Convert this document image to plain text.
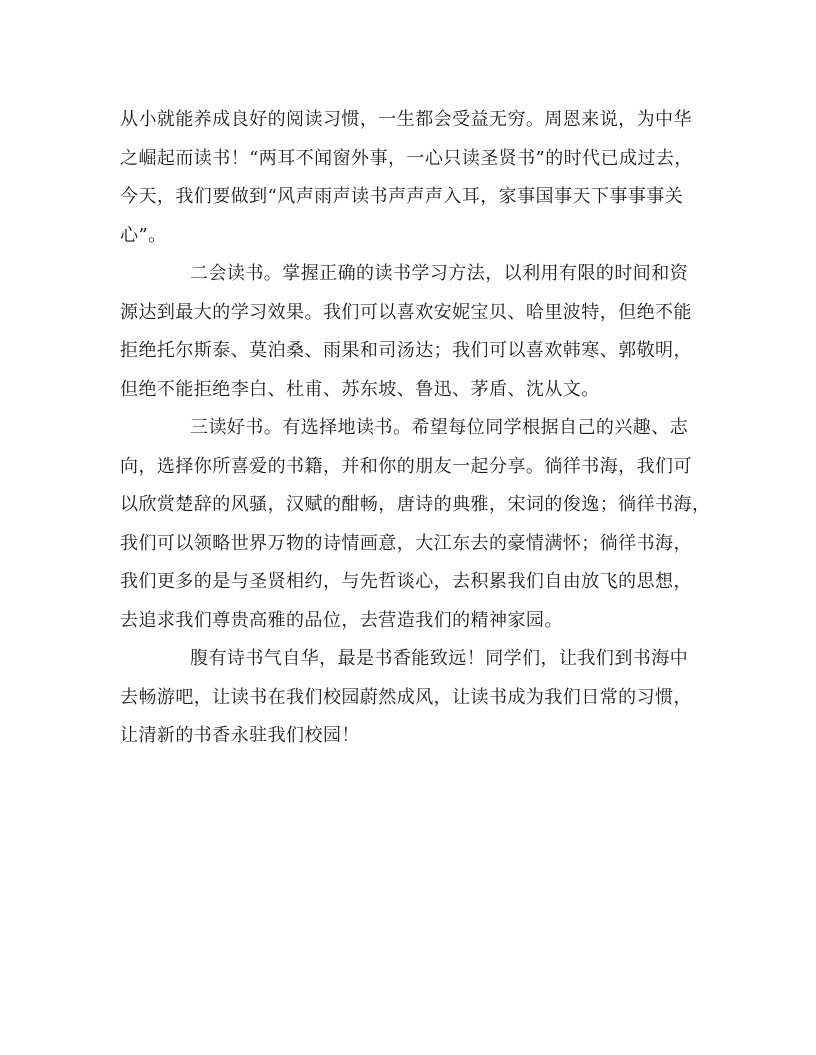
从小就能养成良好的阅读习惯，一生都会受益无穷。周恩来说，为中华
之崛起而读书！“两耳不闻窗外事，一心只读圣贤书”的时代已成过去，
今天，我们要做到“风声雨声读书声声声入耳，家事国事天下事事事关
心”。
二会读书。掌握正确的读书学习方法，以利用有限的时间和资
源达到最大的学习效果。我们可以喜欢安妮宝贝、哈里波特，但绝不能
拒绝托尔斯泰、莫泊桑、雨果和司汤达；我们可以喜欢韩寒、郭敬明，
但绝不能拒绝李白、杜甫、苏东坡、鲁迅、茅盾、沈从文。
三读好书。有选择地读书。希望每位同学根据自己的兴趣、志
向，选择你所喜爱的书籍，并和你的朋友一起分享。徜徉书海，我们可
以欣赏楚辞的风骚，汉赋的酣畅，唐诗的典雅，宋词的俊逸；徜徉书海，
我们可以领略世界万物的诗情画意，大江东去的豪情满怀；徜徉书海，
我们更多的是与圣贤相约，与先哲谈心，去积累我们自由放飞的思想，
去追求我们尊贵高雅的品位，去营造我们的精神家园。
腹有诗书气自华，最是书香能致远！同学们，让我们到书海中
去畅游吧，让读书在我们校园蔚然成风，让读书成为我们日常的习惯，
让清新的书香永驻我们校园！
